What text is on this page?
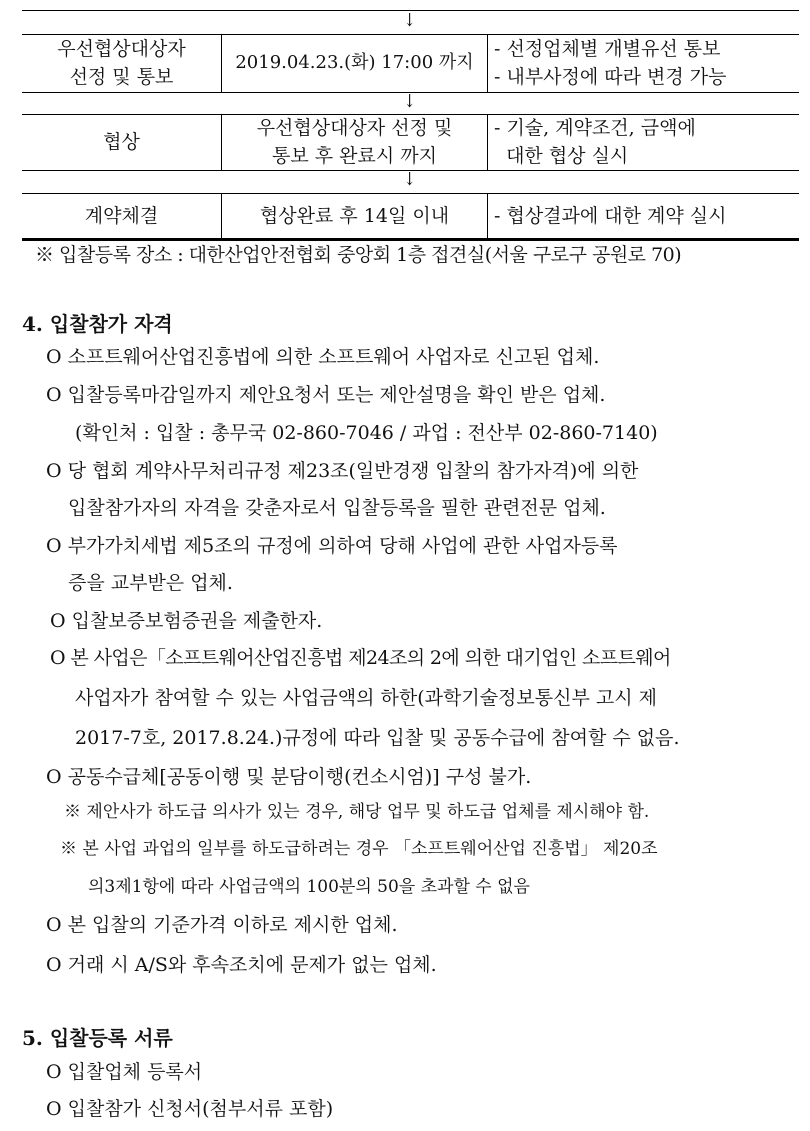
↓
우선협상대상자
선정 및 통보
2019.04.23.(화) 17:00 까지
- 선정업체별 개별유선 통보
- 내부사정에 따라 변경 가능
↓
협상
우선협상대상자 선정 및
통보 후 완료시 까지
- 기술, 계약조건, 금액에
대한 협상 실시
↓
계약체결	협상완료 후 14일 이내 - 협상결과에 대한 계약 실시
※ 입찰등록 장소 : 대한산업안전협회 중앙회 1층 접견실(서울 구로구 공원로 70)
4. 입찰참가 자격
O 소프트웨어산업진흥법에 의한 소프트웨어 사업자로 신고된 업체.
O 입찰등록마감일까지 제안요청서 또는 제안설명을 확인 받은 업체.
(확인처 : 입찰 : 총무국 02-860-7046 / 과업 : 전산부 02-860-7140)
O 당 협회 계약사무처리규정 제23조(일반경쟁 입찰의 참가자격)에 의한
입찰참가자의 자격을 갖춘자로서 입찰등록을 필한 관련전문 업체.
O 부가가치세법 제5조의 규정에 의하여 당해 사업에 관한 사업자등록
증을 교부받은 업체.
O 입찰보증보험증권을 제출한자.
O 본 사업은「소프트웨어산업진흥법 제24조의 2에 의한 대기업인 소프트웨어
사업자가 참여할 수 있는 사업금액의 하한(과학기술정보통신부 고시 제
2017-7호, 2017.8.24.)규정에 따라 입찰 및 공동수급에 참여할 수 없음.
O 공동수급체[공동이행 및 분담이행(컨소시엄)] 구성 불가.
※ 제안사가 하도급 의사가 있는 경우, 해당 업무 및 하도급 업체를 제시해야 함.
※ 본 사업 과업의 일부를 하도급하려는 경우 「소프트웨어산업 진흥법」 제20조
의3제1항에 따라 사업금액의 100분의 50을 초과할 수 없음
O 본 입찰의 기준가격 이하로 제시한 업체.
O 거래 시 A/S와 후속조치에 문제가 없는 업체.
5. 입찰등록 서류
O 입찰업체 등록서
O 입찰참가 신청서(첨부서류 포함)
